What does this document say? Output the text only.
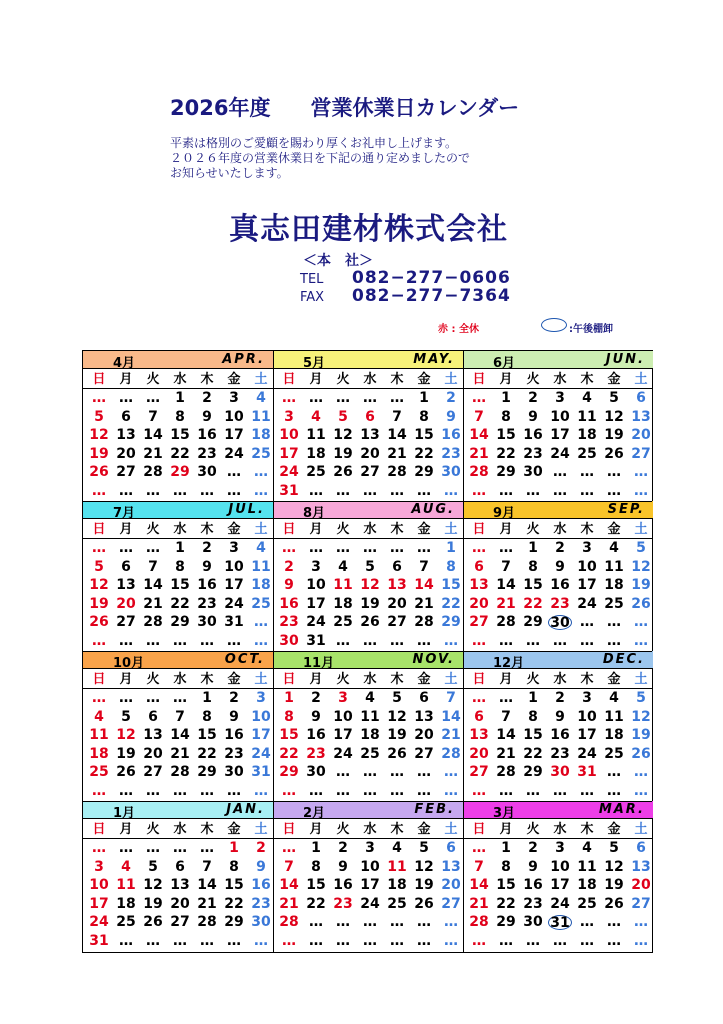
2026年度 営業休業日カレンダー
平素は格別のご愛顧を賜わり厚くお礼申し上げます。
２０２６年度の営業休業日を下記の通り定めましたので
お知らせいたします。
真志田建材株式会社
＜本　社＞
TEL 082−277−0606
FAX 082−277−7364
赤 : 全休	:午後棚卸
4月	APR.
日	月	火	水	木	金	土
… … …	1	2	3	4
5	6	7	8	9 10 11
12 13 14 15 16 17 18
19 20 21 22 23 24 25
26 27 28 29 30 … …
… … … … … … …
5月	MAY.
日	月	火	水	木	金	土
… … … … …	1	2
3	4	5	6	7	8	9
10 11 12 13 14 15 16
17 18 19 20 21 22 23
24 25 26 27 28 29 30
31 … … … … … …
6月	JUN.
日	月	火	水	木	金	土
…	1	2	3	4	5	6
7	8	9 10 11 12 13
14 15 16 17 18 19 20
21 22 23 24 25 26 27
28 29 30 … … … …
… … … … … … …
7月	JUL.
日	月	火	水	木	金	土
… … …	1	2	3	4
5	6	7	8	9 10 11
12 13 14 15 16 17 18
19 20 21 22 23 24 25
26 27 28 29 30 31 …
… … … … … … …
8月	AUG.
日	月	火	水	木	金	土
… … … … … …	1
2	3	4	5	6	7	8
9 10 11 12 13 14 15
16 17 18 19 20 21 22
23 24 25 26 27 28 29
30 31 … … … … …
9月	SEP.
日	月	火	水	木	金	土
… …	1	2	3	4	5
6	7	8	9 10 11 12
13 14 15 16 17 18 19
20 21 22 23 24 25 26
27 28 29 30 … … …
… … … … … … …
10月	OCT.
日	月	火	水	木	金	土
… … … …	1	2	3
4	5	6	7	8	9 10
11 12 13 14 15 16 17
18 19 20 21 22 23 24
25 26 27 28 29 30 31
… … … … … … …
11月	NOV.
日	月	火	水	木	金	土
1	2	3	4	5	6	7
8	9 10 11 12 13 14
15 16 17 18 19 20 21
22 23 24 25 26 27 28
29 30 … … … … …
… … … … … … …
12月	DEC.
日	月	火	水	木	金	土
… …	1	2	3	4	5
6	7	8	9 10 11 12
13 14 15 16 17 18 19
20 21 22 23 24 25 26
27 28 29 30 31 … …
… … … … … … …
1月	JAN.
日	月	火	水	木	金	土
… … … … …	1	2
3	4	5	6	7	8	9
10 11 12 13 14 15 16
17 18 19 20 21 22 23
24 25 26 27 28 29 30
31 … … … … … …
2月	FEB.
日	月	火	水	木	金	土
…	1	2	3	4	5	6
7	8	9 10 11 12 13
14 15 16 17 18 19 20
21 22 23 24 25 26 27
28 … … … … … …
… … … … … … …
3月	MAR.
日	月	火	水	木	金	土
…	1	2	3	4	5	6
7	8	9 10 11 12 13
14 15 16 17 18 19 20
21 22 23 24 25 26 27
28 29 30 31 … … …
… … … … … … …
